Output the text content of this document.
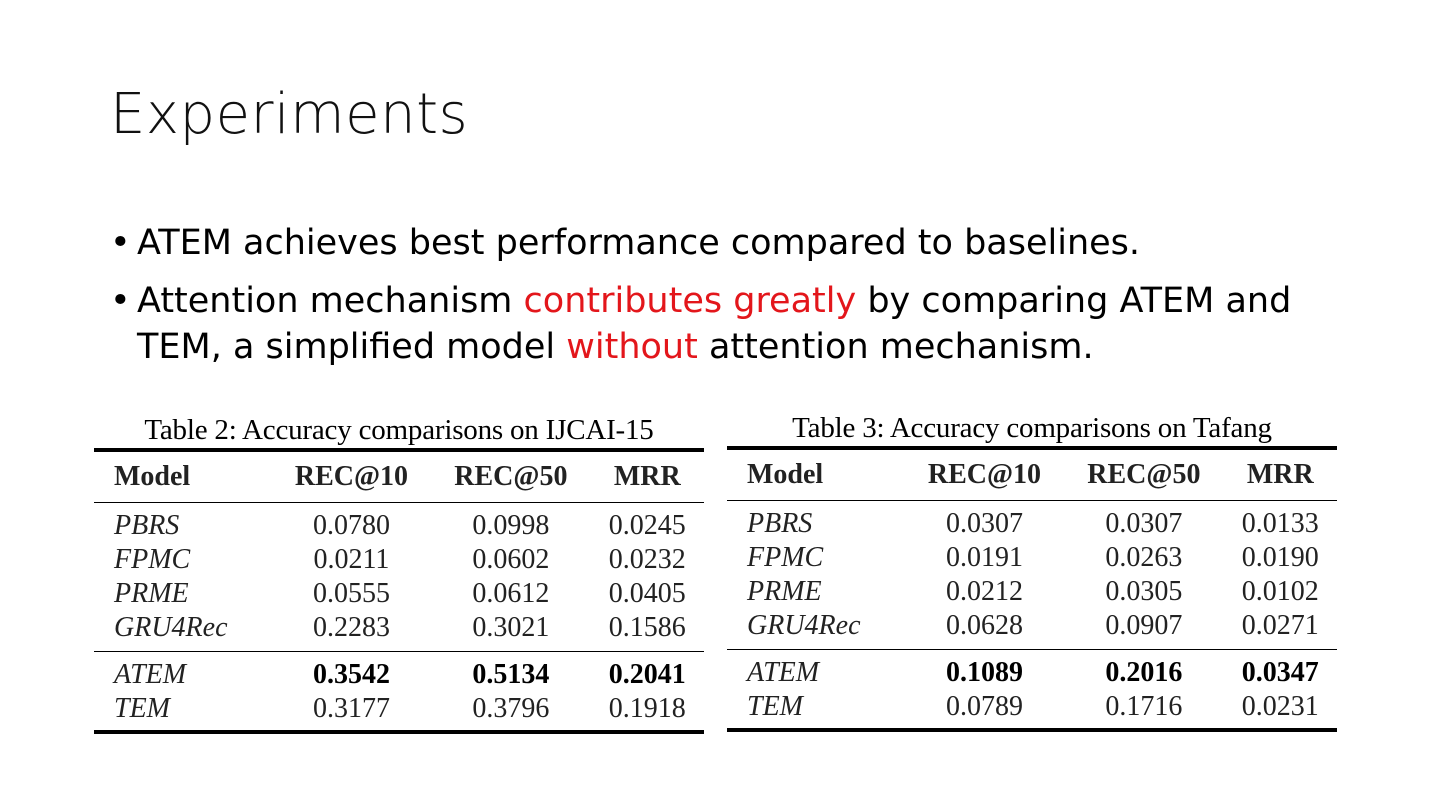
Experiments
• ATEM achieves best performance compared to baselines.
• Attention mechanism contributes greatly by comparing ATEM and TEM, a simplified model without attention mechanism.
Table 2: Accuracy comparisons on IJCAI-15
Model	REC@10	REC@50	MRR
PBRS	0.0780	0.0998	0.0245
FPMC	0.0211	0.0602	0.0232
PRME	0.0555	0.0612	0.0405
GRU4Rec	0.2283	0.3021	0.1586
ATEM	0.3542	0.5134	0.2041
TEM	0.3177	0.3796	0.1918
Table 3: Accuracy comparisons on Tafang
Model	REC@10	REC@50	MRR
PBRS	0.0307	0.0307	0.0133
FPMC	0.0191	0.0263	0.0190
PRME	0.0212	0.0305	0.0102
GRU4Rec	0.0628	0.0907	0.0271
ATEM	0.1089	0.2016	0.0347
TEM	0.0789	0.1716	0.0231
